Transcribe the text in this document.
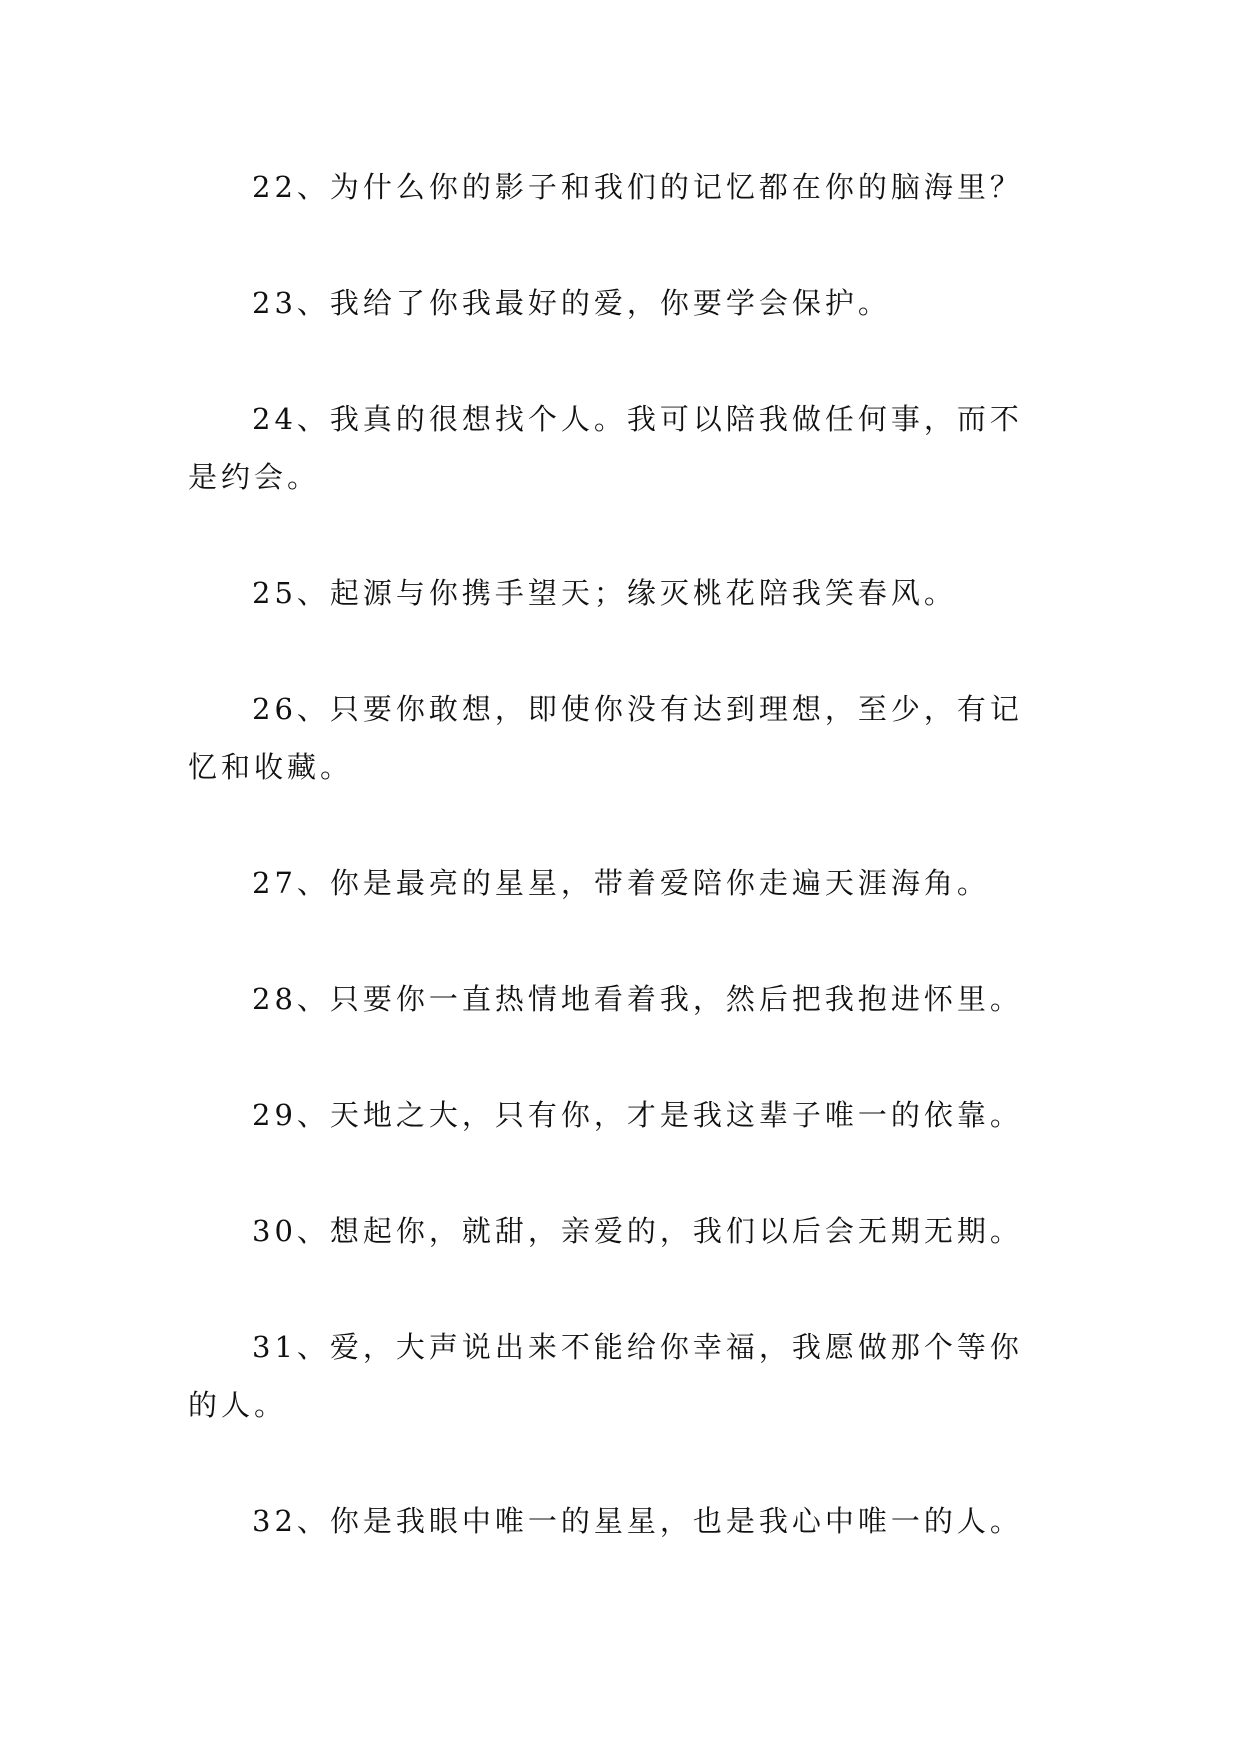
22、为什么你的影子和我们的记忆都在你的脑海里？

23、我给了你我最好的爱，你要学会保护。

24、我真的很想找个人。我可以陪我做任何事，而不是约会。

25、起源与你携手望天；缘灭桃花陪我笑春风。

26、只要你敢想，即使你没有达到理想，至少，有记忆和收藏。

27、你是最亮的星星，带着爱陪你走遍天涯海角。

28、只要你一直热情地看着我，然后把我抱进怀里。

29、天地之大，只有你，才是我这辈子唯一的依靠。

30、想起你，就甜，亲爱的，我们以后会无期无期。

31、爱，大声说出来不能给你幸福，我愿做那个等你的人。

32、你是我眼中唯一的星星，也是我心中唯一的人。
